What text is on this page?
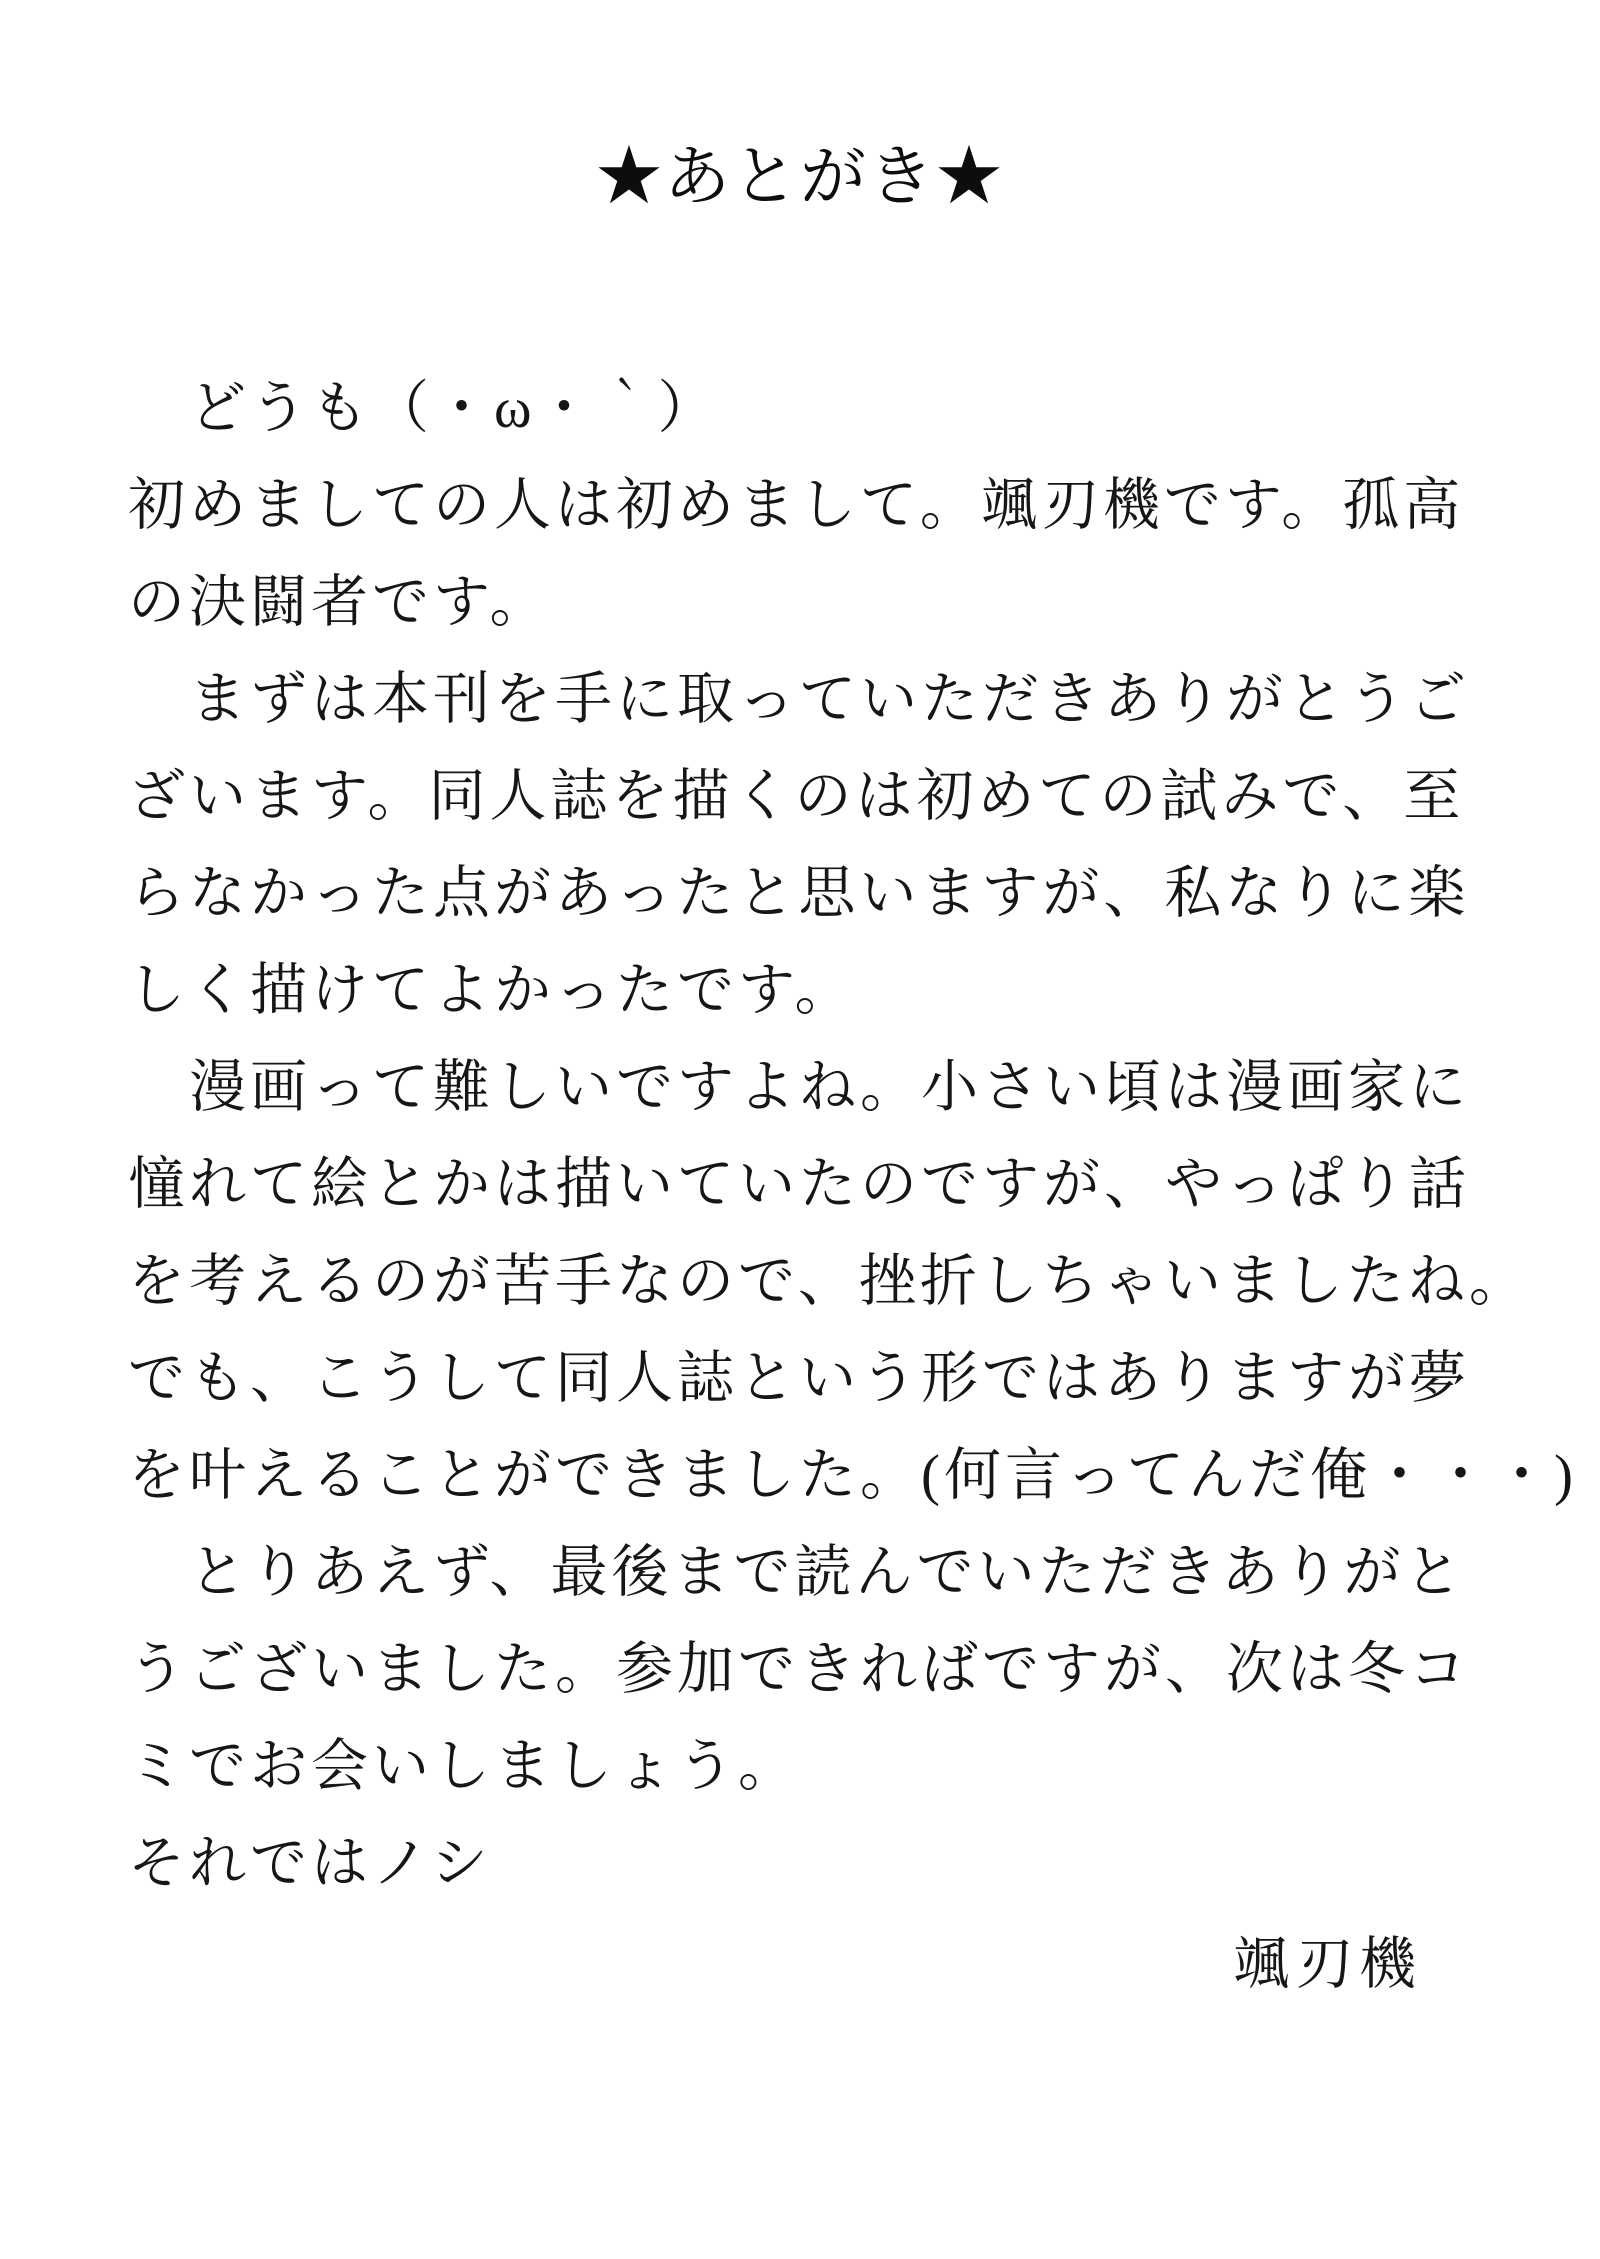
★あとがき★
　どうも（・ω・｀）
初めましての人は初めまして。颯刃機です。孤高
の決闘者です。
　まずは本刊を手に取っていただきありがとうご
ざいます。同人誌を描くのは初めての試みで、至
らなかった点があったと思いますが、私なりに楽
しく描けてよかったです。
　漫画って難しいですよね。小さい頃は漫画家に
憧れて絵とかは描いていたのですが、やっぱり話
を考えるのが苦手なので、挫折しちゃいましたね。
でも、こうして同人誌という形ではありますが夢
を叶えることができました。(何言ってんだ俺・・・)
　とりあえず、最後まで読んでいただきありがと
うございました。参加できればですが、次は冬コ
ミでお会いしましょう。
それではノシ
颯刃機
